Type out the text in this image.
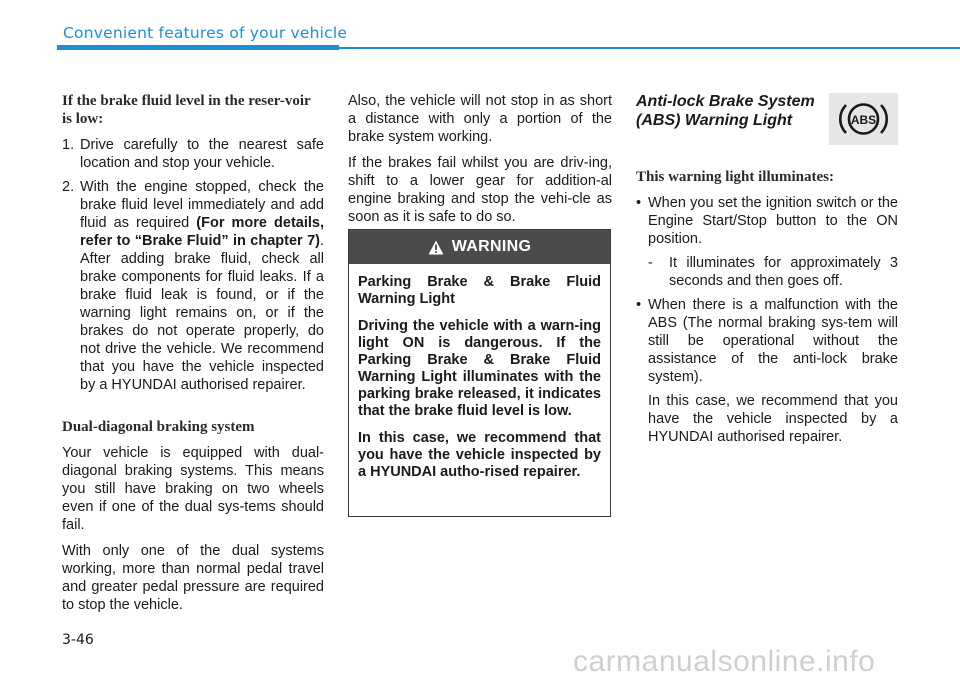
Convenient features of your vehicle
If the brake fluid level in the reser-voir is low:
1. Drive carefully to the nearest safe location and stop your vehicle.
2. With the engine stopped, check the brake fluid level immediately and add fluid as required (For more details, refer to “Brake Fluid” in chapter 7). After adding brake fluid, check all brake components for fluid leaks. If a brake fluid leak is found, or if the warning light remains on, or if the brakes do not operate properly, do not drive the vehicle. We recommend that you have the vehicle inspected by a HYUNDAI authorised repairer.
Dual-diagonal braking system

Your vehicle is equipped with dual-diagonal braking systems. This means you still have braking on two wheels even if one of the dual sys-tems should fail.

With only one of the dual systems working, more than normal pedal travel and greater pedal pressure are required to stop the vehicle.

Also, the vehicle will not stop in as short a distance with only a portion of the brake system working.

If the brakes fail whilst you are driv-ing, shift to a lower gear for addition-al engine braking and stop the vehi-cle as soon as it is safe to do so.

WARNING

Parking Brake & Brake Fluid Warning Light

Driving the vehicle with a warn-ing light ON is dangerous. If the Parking Brake & Brake Fluid Warning Light illuminates with the parking brake released, it indicates that the brake fluid level is low.

In this case, we recommend that you have the vehicle inspected by a HYUNDAI autho-rised repairer.

Anti-lock Brake System (ABS) Warning Light
This warning light illuminates:
• When you set the ignition switch or the Engine Start/Stop button to the ON position.
- It illuminates for approximately 3 seconds and then goes off.
• When there is a malfunction with the ABS (The normal braking sys-tem will still be operational without the assistance of the anti-lock brake system).

In this case, we recommend that you have the vehicle inspected by a HYUNDAI authorised repairer.

ABS
3-46
carmanualsonline.info
